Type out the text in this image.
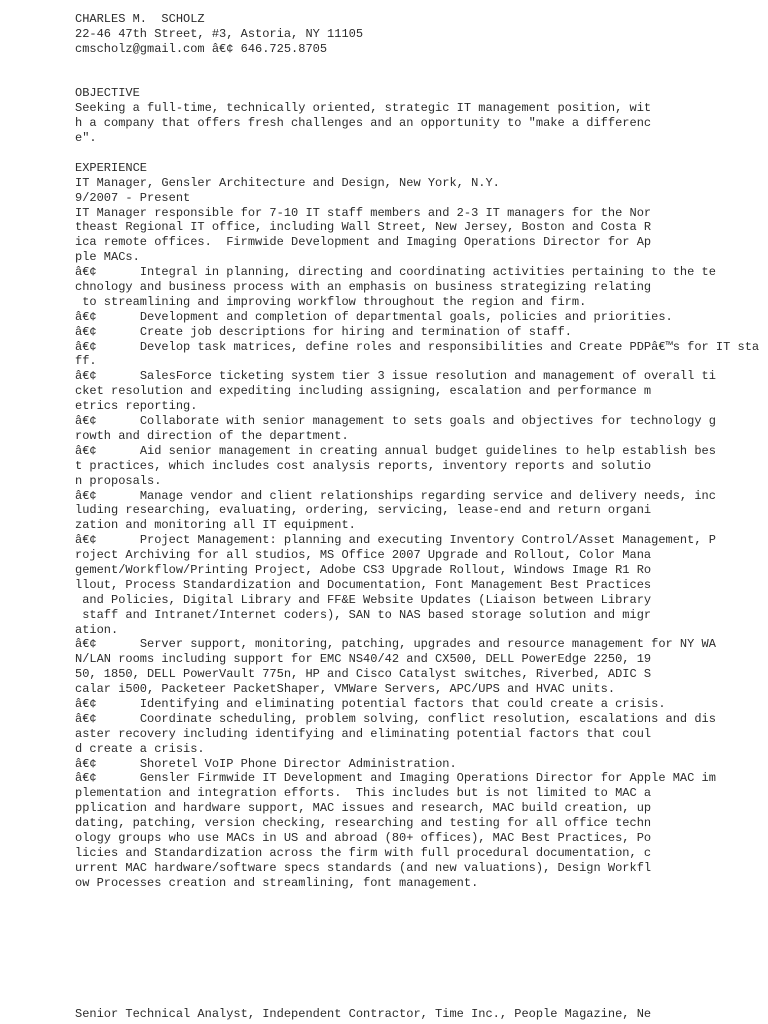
CHARLES M.  SCHOLZ
22-46 47th Street, #3, Astoria, NY 11105
cmscholz@gmail.com â€¢ 646.725.8705
OBJECTIVE
Seeking a full-time, technically oriented, strategic IT management position, wit
h a company that offers fresh challenges and an opportunity to "make a differenc
e".
EXPERIENCE
IT Manager, Gensler Architecture and Design, New York, N.Y.
9/2007 - Present
IT Manager responsible for 7-10 IT staff members and 2-3 IT managers for the Nor
theast Regional IT office, including Wall Street, New Jersey, Boston and Costa R
ica remote offices.  Firmwide Development and Imaging Operations Director for Ap
ple MACs.
â€¢	Integral in planning, directing and coordinating activities pertaining to the te
chnology and business process with an emphasis on business strategizing relating
to streamlining and improving workflow throughout the region and firm.
â€¢	Development and completion of departmental goals, policies and priorities.
â€¢	Create job descriptions for hiring and termination of staff.
â€¢	Develop task matrices, define roles and responsibilities and Create PDPâ€™s for IT sta
ff.
â€¢	SalesForce ticketing system tier 3 issue resolution and management of overall ti
cket resolution and expediting including assigning, escalation and performance m
etrics reporting.
â€¢	Collaborate with senior management to sets goals and objectives for technology g
rowth and direction of the department.
â€¢	Aid senior management in creating annual budget guidelines to help establish bes
t practices, which includes cost analysis reports, inventory reports and solutio
n proposals.
â€¢	Manage vendor and client relationships regarding service and delivery needs, inc
luding researching, evaluating, ordering, servicing, lease-end and return organi
zation and monitoring all IT equipment.
â€¢	Project Management: planning and executing Inventory Control/Asset Management, P
roject Archiving for all studios, MS Office 2007 Upgrade and Rollout, Color Mana
gement/Workflow/Printing Project, Adobe CS3 Upgrade Rollout, Windows Image R1 Ro
llout, Process Standardization and Documentation, Font Management Best Practices
and Policies, Digital Library and FF&E Website Updates (Liaison between Library
staff and Intranet/Internet coders), SAN to NAS based storage solution and migr
ation.
â€¢	Server support, monitoring, patching, upgrades and resource management for NY WA
N/LAN rooms including support for EMC NS40/42 and CX500, DELL PowerEdge 2250, 19
50, 1850, DELL PowerVault 775n, HP and Cisco Catalyst switches, Riverbed, ADIC S
calar i500, Packeteer PacketShaper, VMWare Servers, APC/UPS and HVAC units.
â€¢	Identifying and eliminating potential factors that could create a crisis.
â€¢	Coordinate scheduling, problem solving, conflict resolution, escalations and dis
aster recovery including identifying and eliminating potential factors that coul
d create a crisis.
â€¢	Shoretel VoIP Phone Director Administration.
â€¢	Gensler Firmwide IT Development and Imaging Operations Director for Apple MAC im
plementation and integration efforts.  This includes but is not limited to MAC a
pplication and hardware support, MAC issues and research, MAC build creation, up
dating, patching, version checking, researching and testing for all office techn
ology groups who use MACs in US and abroad (80+ offices), MAC Best Practices, Po
licies and Standardization across the firm with full procedural documentation, c
urrent MAC hardware/software specs standards (and new valuations), Design Workfl
ow Processes creation and streamlining, font management.
Senior Technical Analyst, Independent Contractor, Time Inc., People Magazine, Ne
